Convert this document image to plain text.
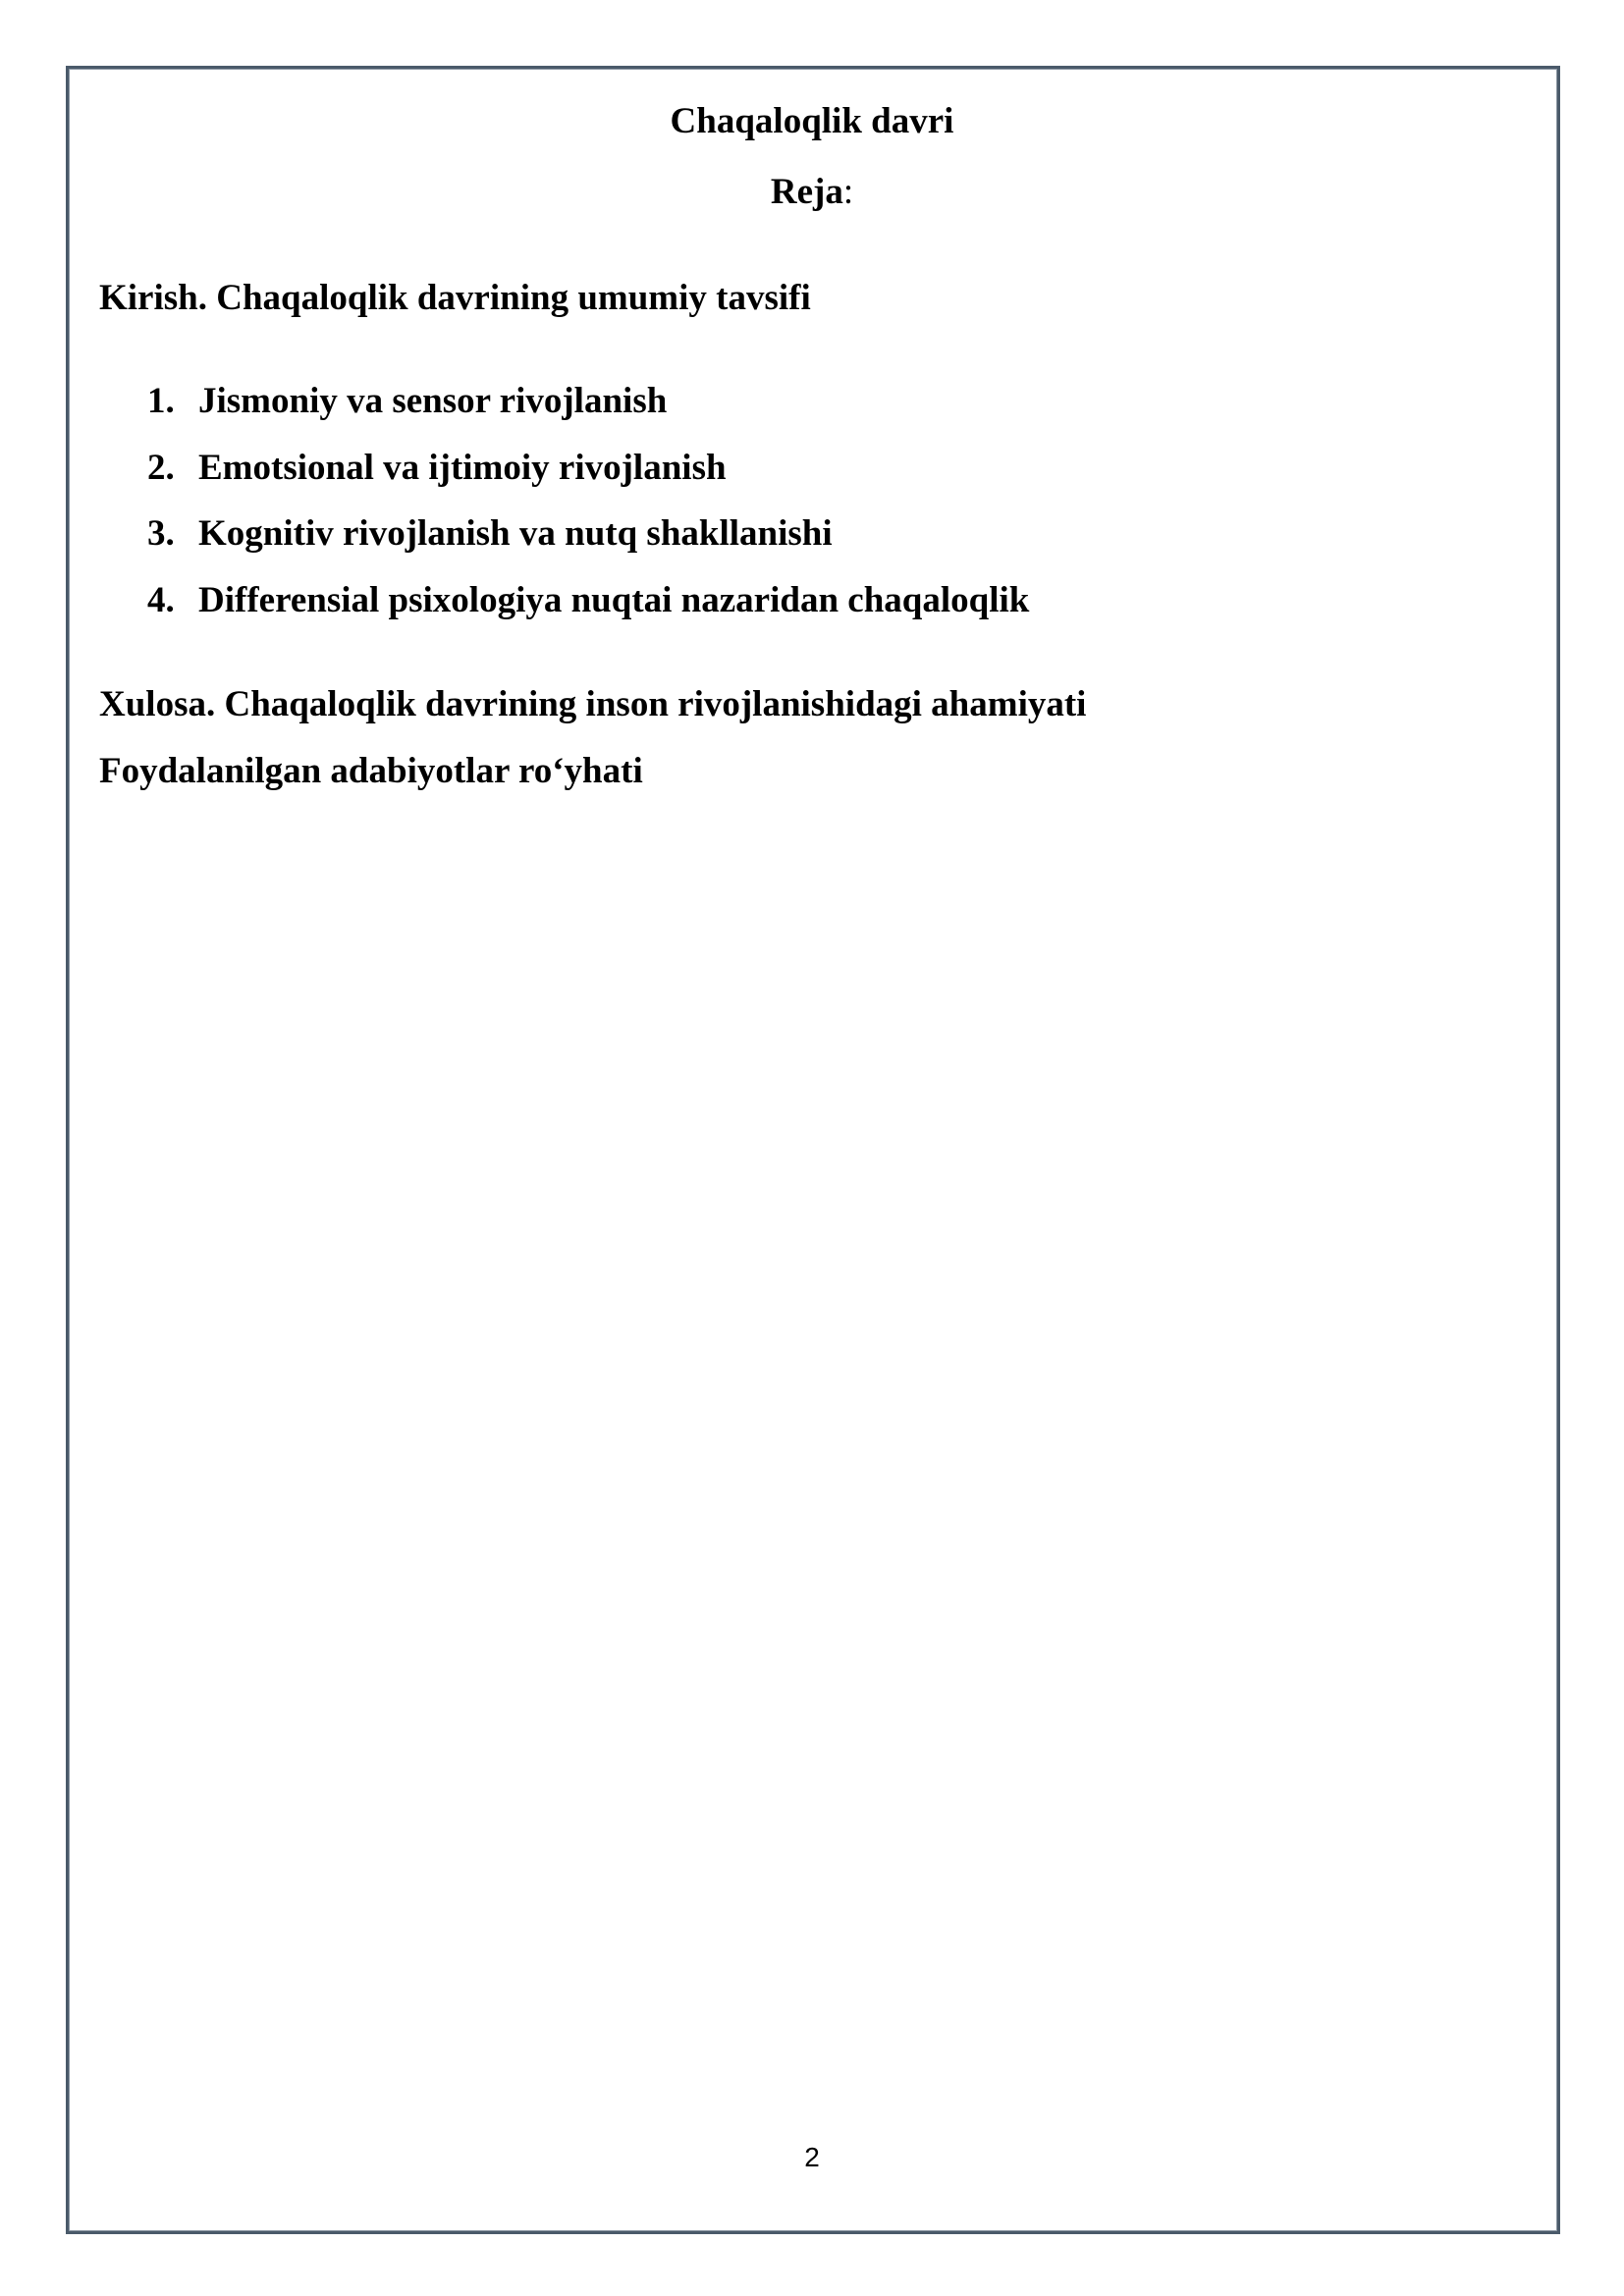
Chaqaloqlik davri
Reja:
Kirish. Chaqaloqlik davrining umumiy tavsifi
1. Jismoniy va sensor rivojlanish
2. Emotsional va ijtimoiy rivojlanish
3. Kognitiv rivojlanish va nutq shakllanishi
4. Differensial psixologiya nuqtai nazaridan chaqaloqlik
Xulosa. Chaqaloqlik davrining inson rivojlanishidagi ahamiyati
Foydalanilgan adabiyotlar ro‘yhati
2
